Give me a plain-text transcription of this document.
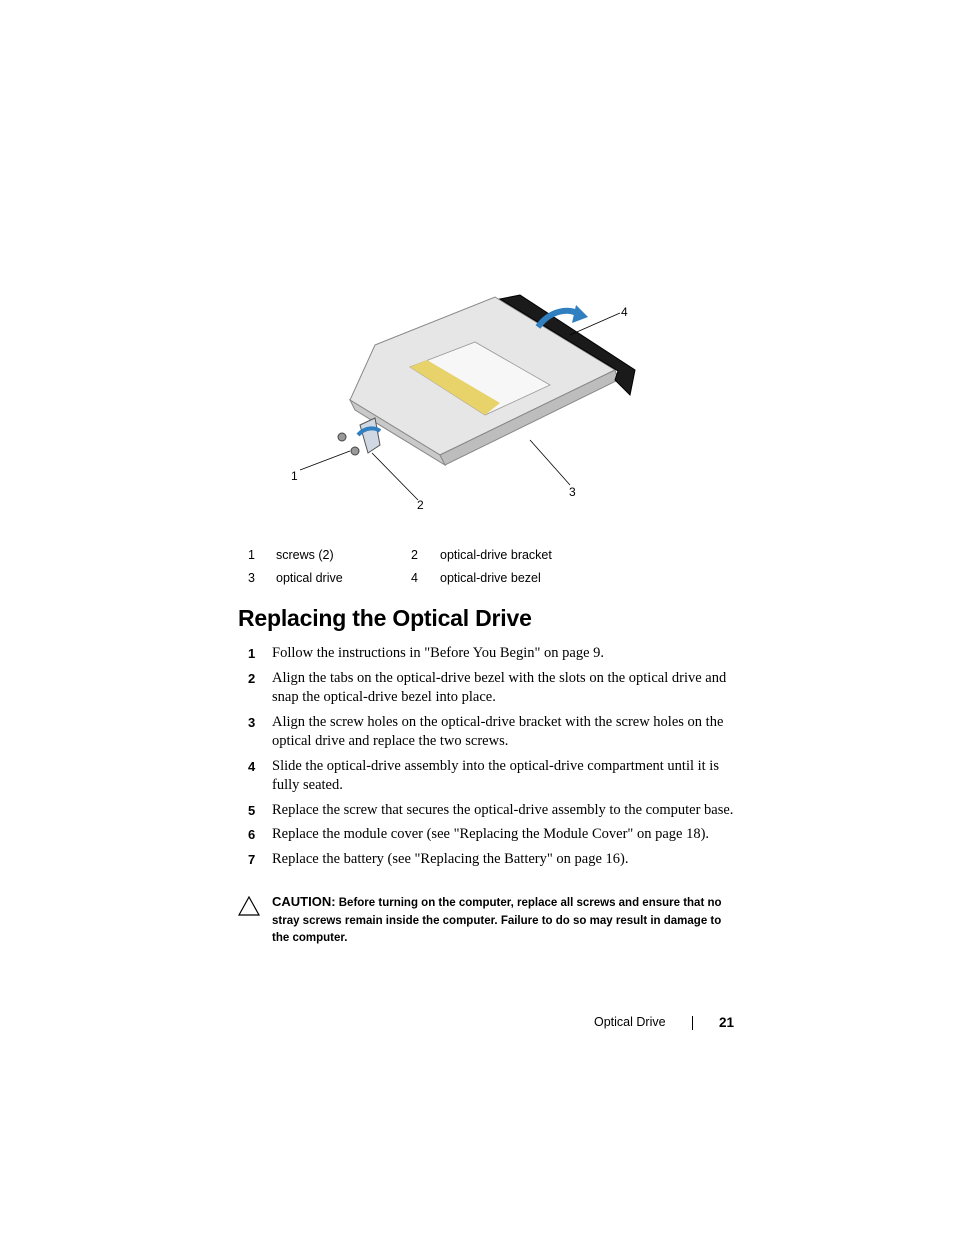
1
2
3
4
1 screws (2)	2 optical-drive bracket
3 optical drive	4 optical-drive bezel
Replacing the Optical Drive
1 Follow the instructions in "Before You Begin" on page 9.
2 Align the tabs on the optical-drive bezel with the slots on the optical drive and snap the optical-drive bezel into place.
3 Align the screw holes on the optical-drive bracket with the screw holes on the optical drive and replace the two screws.
4 Slide the optical-drive assembly into the optical-drive compartment until it is fully seated.
5 Replace the screw that secures the optical-drive assembly to the computer base.
6 Replace the module cover (see "Replacing the Module Cover" on page 18).
7 Replace the battery (see "Replacing the Battery" on page 16).
CAUTION: Before turning on the computer, replace all screws and ensure that no stray screws remain inside the computer. Failure to do so may result in damage to the computer.
Optical Drive	21
